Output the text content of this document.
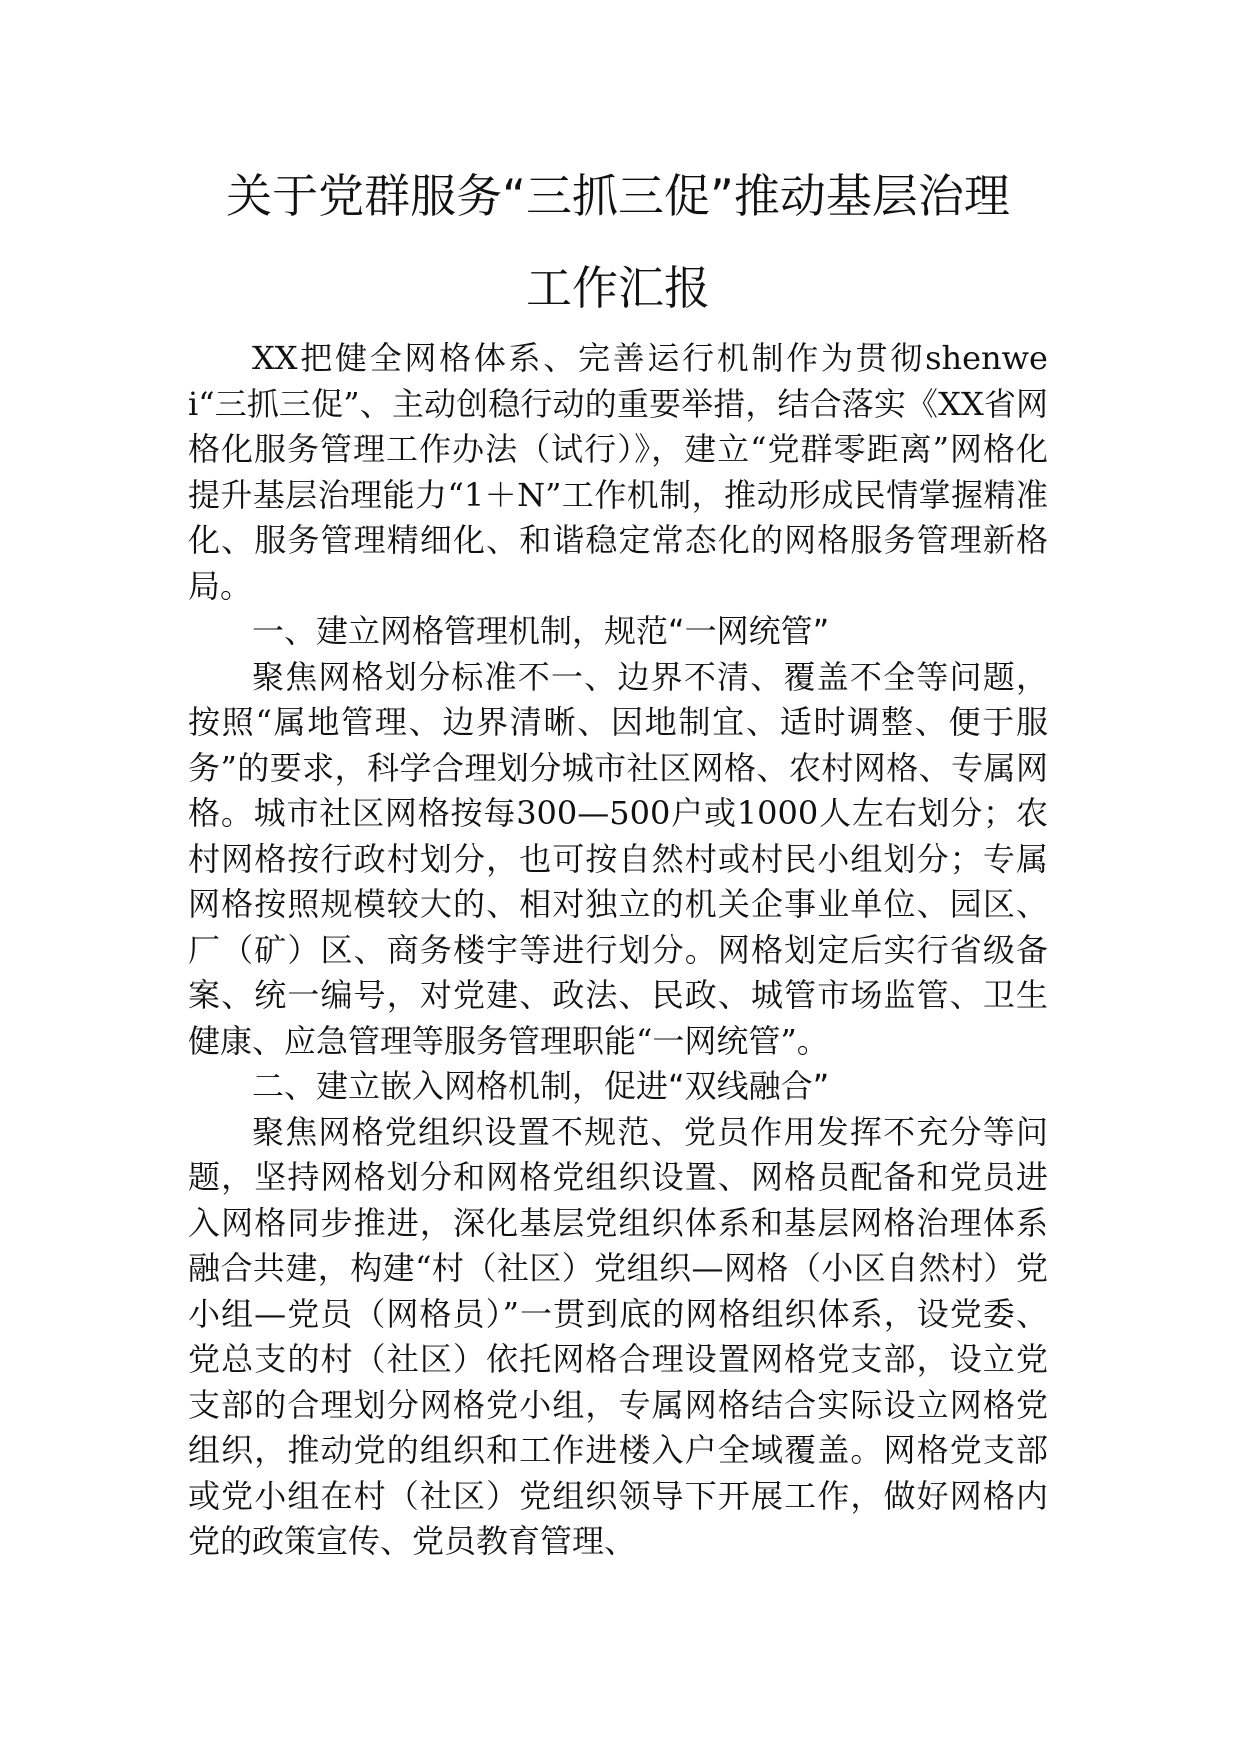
关于党群服务“三抓三促”推动基层治理
工作汇报

XX把健全网格体系、完善运行机制作为贯彻shenwei“三抓三促”、主动创稳行动的重要举措，结合落实《XX省网格化服务管理工作办法（试行）》，建立“党群零距离”网格化提升基层治理能力“1＋N”工作机制，推动形成民情掌握精准化、服务管理精细化、和谐稳定常态化的网格服务管理新格局。

一、建立网格管理机制，规范“一网统管”

聚焦网格划分标准不一、边界不清、覆盖不全等问题，按照“属地管理、边界清晰、因地制宜、适时调整、便于服务”的要求，科学合理划分城市社区网格、农村网格、专属网格。城市社区网格按每300—500户或1000人左右划分；农村网格按行政村划分，也可按自然村或村民小组划分；专属网格按照规模较大的、相对独立的机关企事业单位、园区、厂（矿）区、商务楼宇等进行划分。网格划定后实行省级备案、统一编号，对党建、政法、民政、城管市场监管、卫生健康、应急管理等服务管理职能“一网统管”。

二、建立嵌入网格机制，促进“双线融合”

聚焦网格党组织设置不规范、党员作用发挥不充分等问题，坚持网格划分和网格党组织设置、网格员配备和党员进入网格同步推进，深化基层党组织体系和基层网格治理体系融合共建，构建“村（社区）党组织—网格（小区自然村）党小组—党员（网格员）”一贯到底的网格组织体系，设党委、党总支的村（社区）依托网格合理设置网格党支部，设立党支部的合理划分网格党小组，专属网格结合实际设立网格党组织，推动党的组织和工作进楼入户全域覆盖。网格党支部或党小组在村（社区）党组织领导下开展工作，做好网格内党的政策宣传、党员教育管理、
